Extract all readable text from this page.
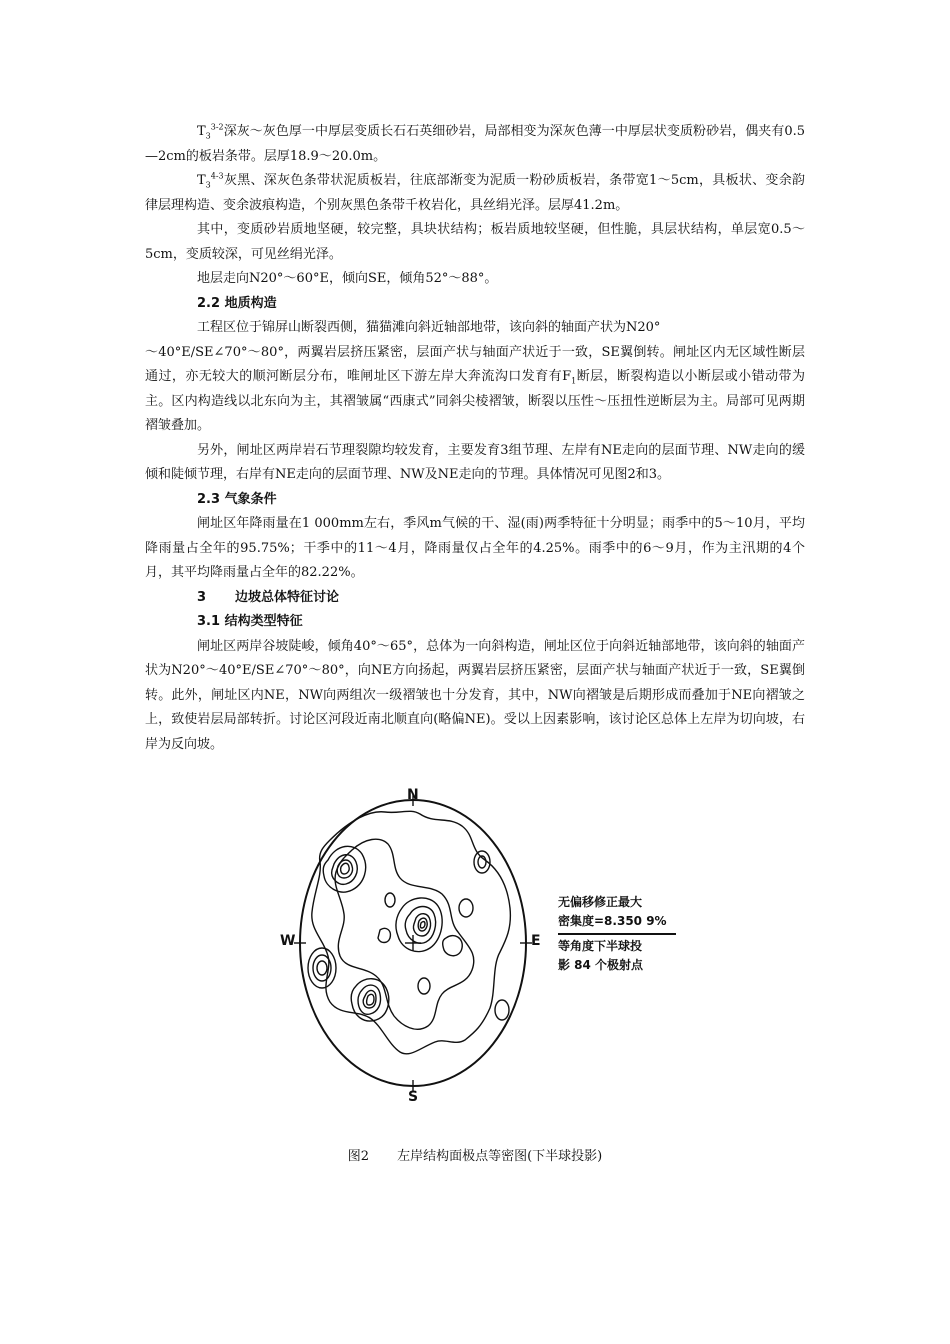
$T_3^{3-2}$深灰～灰色厚一中厚层变质长石石英细砂岩，局部相变为深灰色薄一中厚层状变质粉砂岩，偶夹有0.5—2cm的板岩条带。层厚18.9～20.0m。

$T_3^{4-3}$灰黑、深灰色条带状泥质板岩，往底部渐变为泥质一粉砂质板岩，条带宽1～5cm，具板状、变余韵律层理构造、变余波痕构造，个别灰黑色条带千枚岩化，具丝绢光泽。层厚41.2m。

其中，变质砂岩质地坚硬，较完整，具块状结构；板岩质地较坚硬，但性脆，具层状结构，单层宽0.5～5cm，变质较深，可见丝绢光泽。

地层走向N20°～60°E，倾向SE，倾角52°～88°。

2.2 地质构造

工程区位于锦屏山断裂西侧，猫猫滩向斜近轴部地带，该向斜的轴面产状为N20°

～40°E/SE∠70°～80°，两翼岩层挤压紧密，层面产状与轴面产状近于一致，SE翼倒转。闸址区内无区域性断层通过，亦无较大的顺河断层分布，唯闸址区下游左岸大奔流沟口发育有$F_1$断层，断裂构造以小断层或小错动带为主。区内构造线以北东向为主，其褶皱属“西康式”同斜尖棱褶皱，断裂以压性～压扭性逆断层为主。局部可见两期褶皱叠加。

另外，闸址区两岸岩石节理裂隙均较发育，主要发育3组节理、左岸有NE走向的层面节理、NW走向的缓倾和陡倾节理，右岸有NE走向的层面节理、NW及NE走向的节理。具体情况可见图2和3。

2.3 气象条件

闸址区年降雨量在1 000mm左右，季风m气候的干、湿(雨)两季特征十分明显；雨季中的5～10月，平均降雨量占全年的95.75%；干季中的11～4月，降雨量仅占全年的4.25%。雨季中的6～9月，作为主汛期的4个月，其平均降雨量占全年的82.22%。

3 边坡总体特征讨论
3.1 结构类型特征

闸址区两岸谷坡陡峻，倾角40°～65°，总体为一向斜构造，闸址区位于向斜近轴部地带，该向斜的轴面产状为N20°～40°E/SE∠70°～80°，向NE方向扬起，两翼岩层挤压紧密，层面产状与轴面产状近于一致，SE翼倒转。此外，闸址区内NE，NW向两组次一级褶皱也十分发育，其中，NW向褶皱是后期形成而叠加于NE向褶皱之上，致使岩层局部转折。讨论区河段近南北顺直向(略偏NE)。受以上因素影响，该讨论区总体上左岸为切向坡，右岸为反向坡。

N
S
W	E
无偏移修正最大
密集度=8.350 9%
等角度下半球投
影 84 个极射点
图2 左岸结构面极点等密图(下半球投影)
